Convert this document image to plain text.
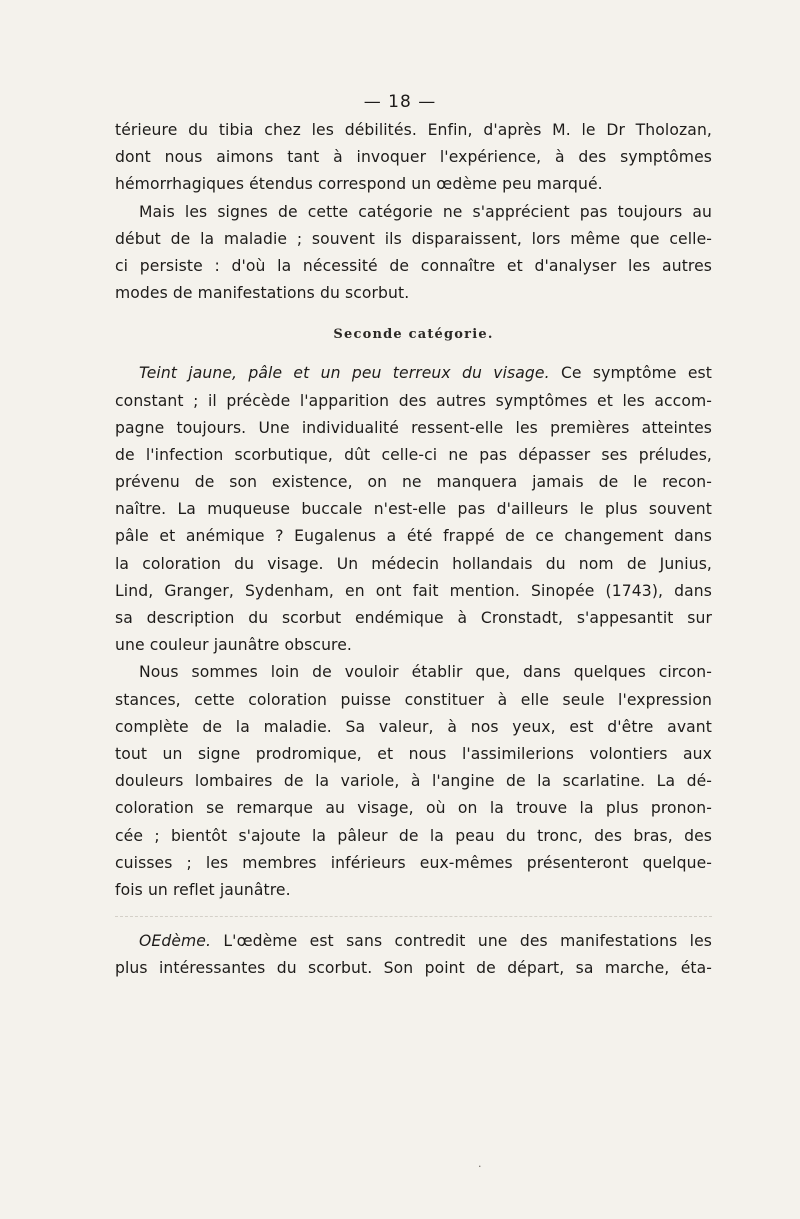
— 18 —
térieure du tibia chez les débilités. Enfin, d'après M. le Dr Tholozan,
dont nous aimons tant à invoquer l'expérience, à des symptômes
hémorrhagiques étendus correspond un œdème peu marqué.
Mais les signes de cette catégorie ne s'apprécient pas toujours au
début de la maladie ; souvent ils disparaissent, lors même que celle-
ci persiste : d'où la nécessité de connaître et d'analyser les autres
modes de manifestations du scorbut.
Seconde catégorie.
Teint jaune, pâle et un peu terreux du visage. Ce symptôme est
constant ; il précède l'apparition des autres symptômes et les accom-
pagne toujours. Une individualité ressent-elle les premières atteintes
de l'infection scorbutique, dût celle-ci ne pas dépasser ses préludes,
prévenu de son existence, on ne manquera jamais de le recon-
naître. La muqueuse buccale n'est-elle pas d'ailleurs le plus souvent
pâle et anémique ? Eugalenus a été frappé de ce changement dans
la coloration du visage. Un médecin hollandais du nom de Junius,
Lind, Granger, Sydenham, en ont fait mention. Sinopée (1743), dans
sa description du scorbut endémique à Cronstadt, s'appesantit sur
une couleur jaunâtre obscure.
Nous sommes loin de vouloir établir que, dans quelques circon-
stances, cette coloration puisse constituer à elle seule l'expression
complète de la maladie. Sa valeur, à nos yeux, est d'être avant
tout un signe prodromique, et nous l'assimilerions volontiers aux
douleurs lombaires de la variole, à l'angine de la scarlatine. La dé-
coloration se remarque au visage, où on la trouve la plus pronon-
cée ; bientôt s'ajoute la pâleur de la peau du tronc, des bras, des
cuisses ; les membres inférieurs eux-mêmes présenteront quelque-
fois un reflet jaunâtre.
OEdème. L'œdème est sans contredit une des manifestations les
plus intéressantes du scorbut. Son point de départ, sa marche, éta-
·
